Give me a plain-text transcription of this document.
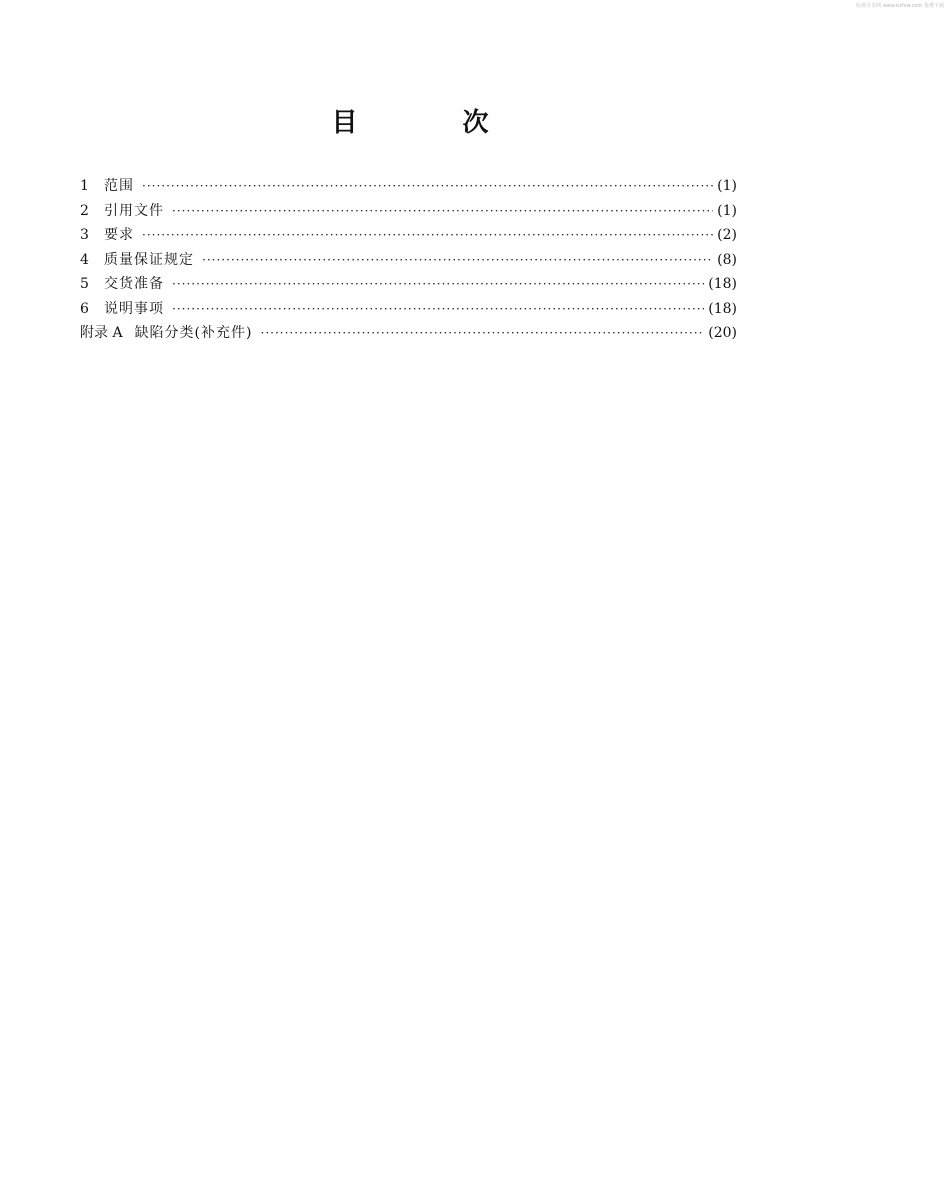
标准分享网 www.bzfxw.com 免费下载
目 次
1	范围 ·····	(1)
2	引用文件 ·····	(1)
3	要求 ·····	(2)
4	质量保证规定 ·····	(8)
5	交货准备 ·····	(18)
6	说明事项 ·····	(18)
附录 A 缺陷分类(补充件) ·····	(20)
